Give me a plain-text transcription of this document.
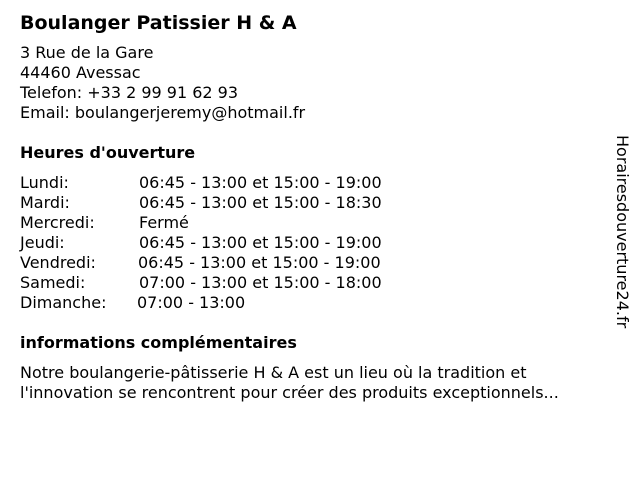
Boulanger Patissier H & A
3 Rue de la Gare
44460 Avessac
Telefon: +33 2 99 91 62 93
Email: boulangerjeremy@hotmail.fr
Heures d'ouverture
Lundi:	06:45 - 13:00 et 15:00 - 19:00
Mardi:	06:45 - 13:00 et 15:00 - 18:30
Mercredi:	Fermé
Jeudi:	06:45 - 13:00 et 15:00 - 19:00
Vendredi:	06:45 - 13:00 et 15:00 - 19:00
Samedi:	07:00 - 13:00 et 15:00 - 18:00
Dimanche: 07:00 - 13:00
informations complémentaires
Notre boulangerie-pâtisserie H & A est un lieu où la tradition et l'innovation se rencontrent pour créer des produits exceptionnels...
Horairesdouverture24.fr
